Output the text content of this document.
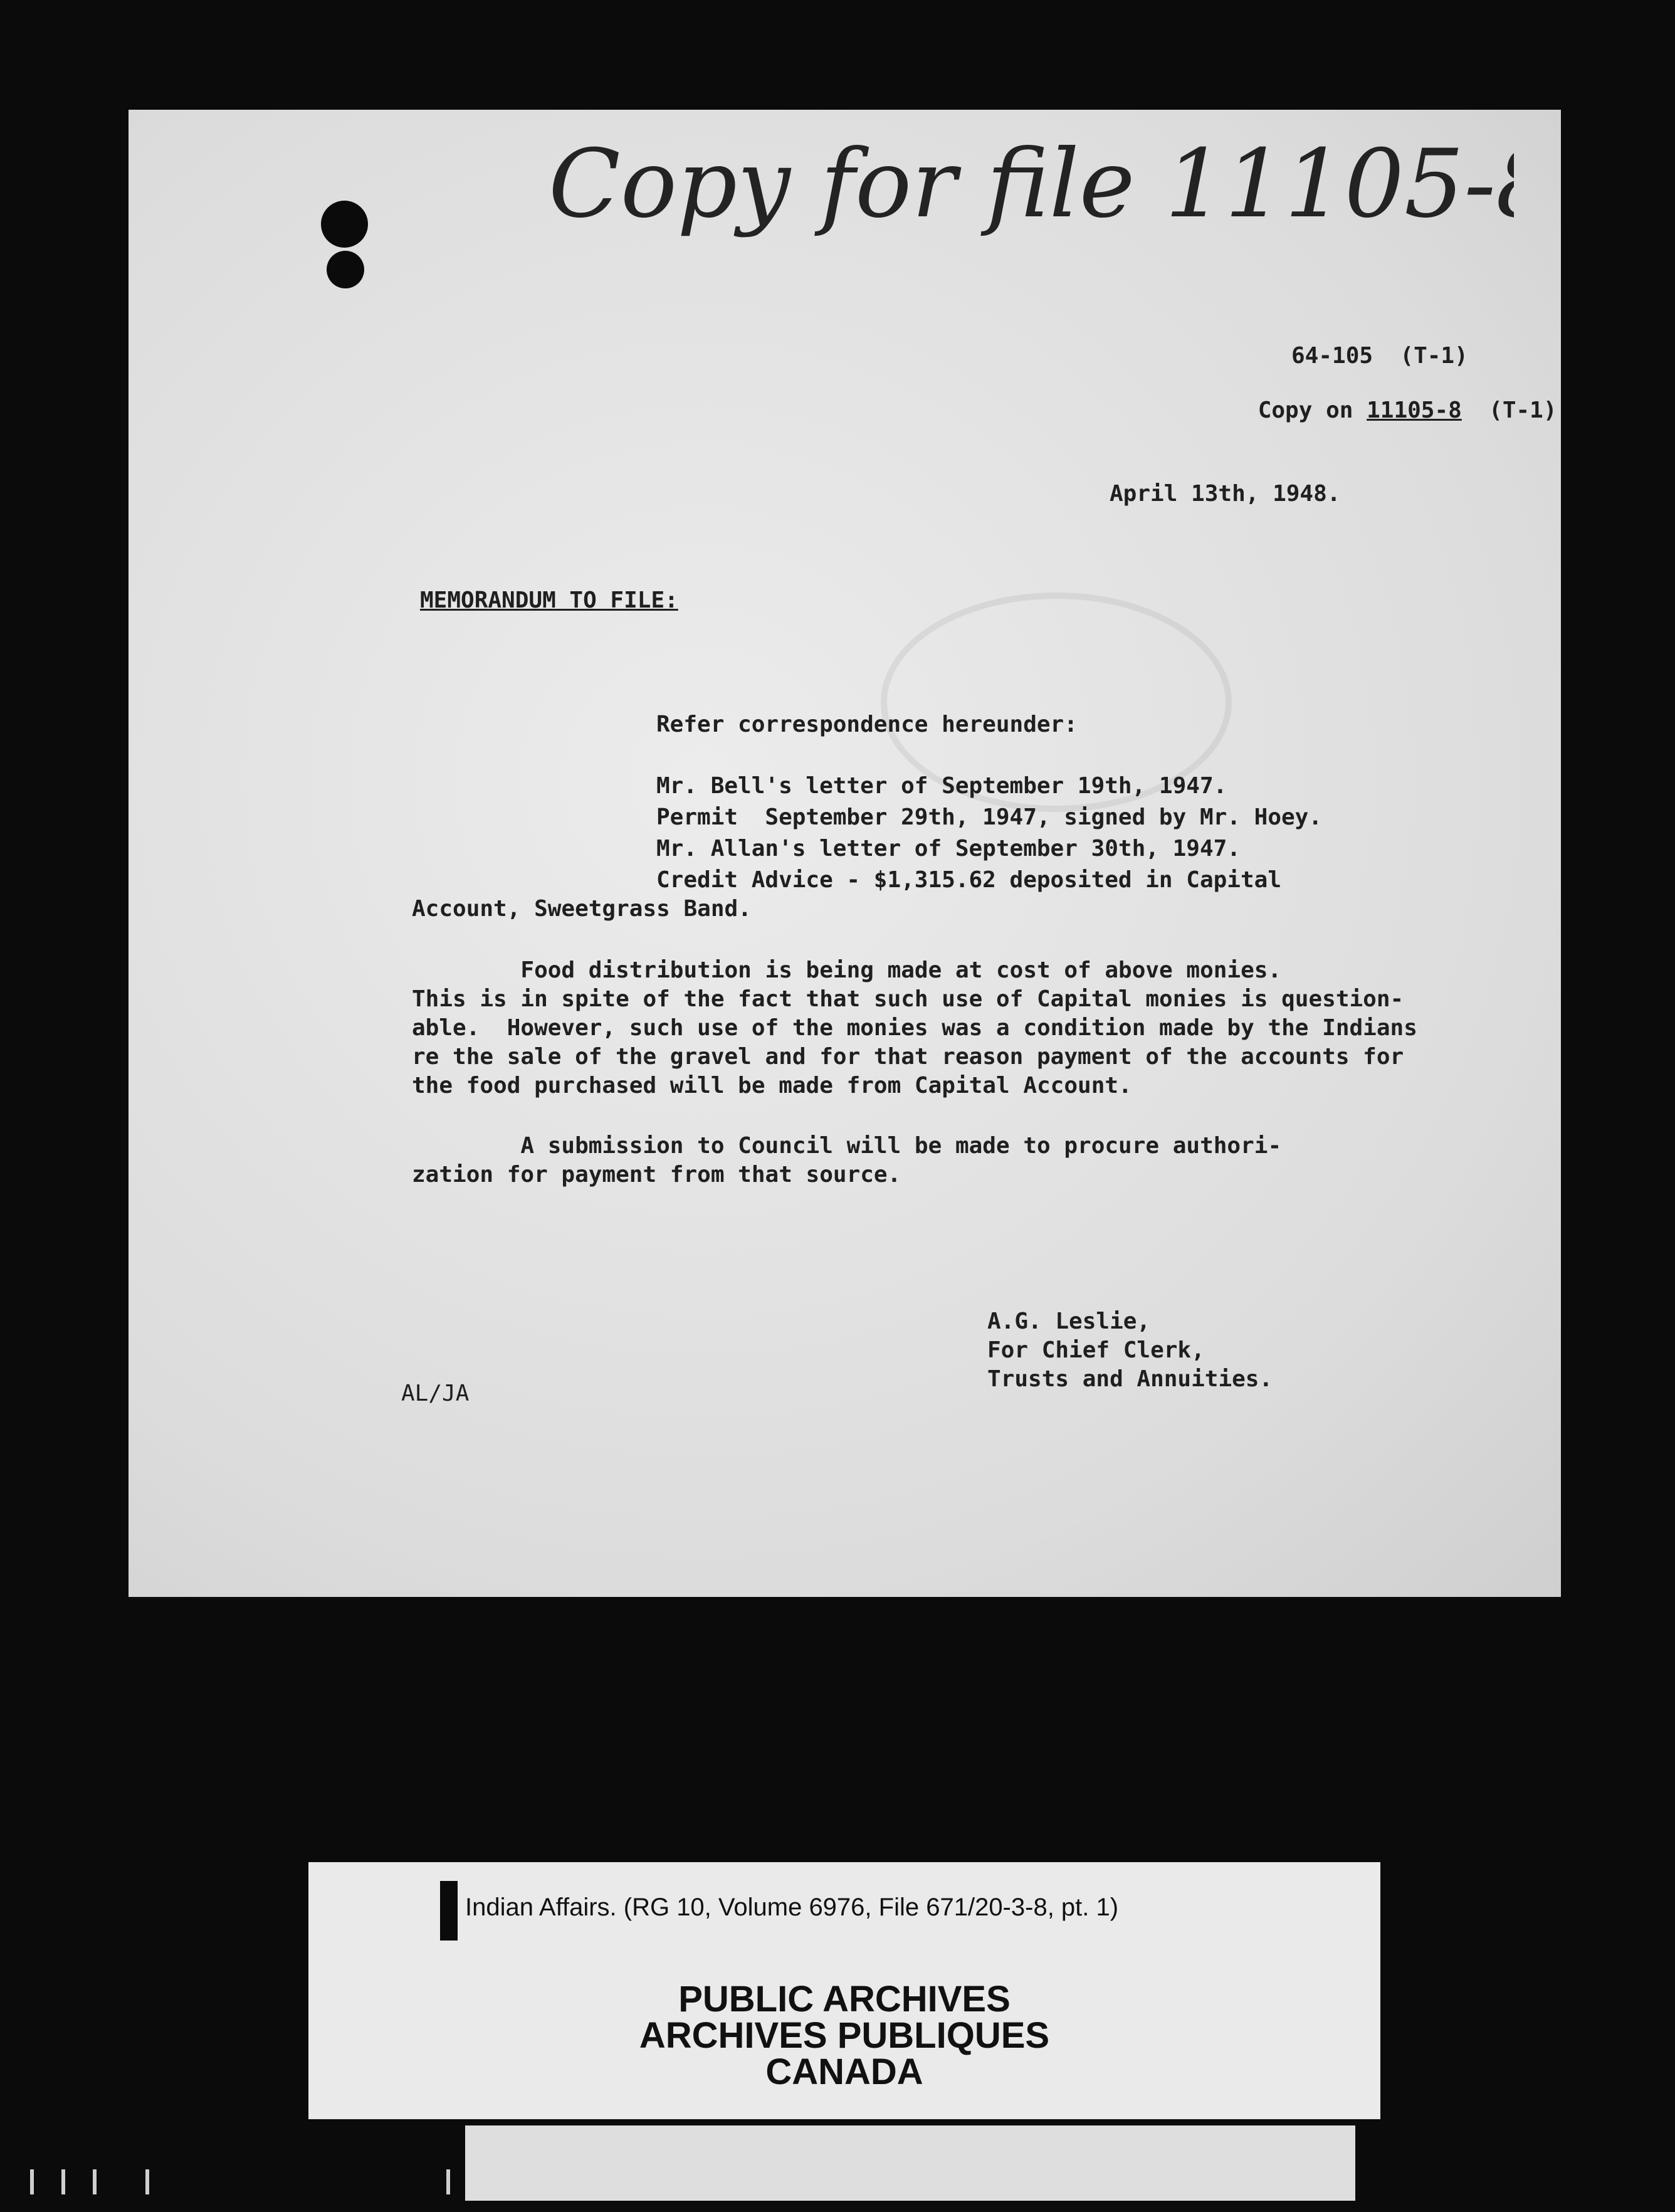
Copy for file 11105-8
64-105  (T-1)

Copy on 11105-8  (T-1)

April 13th, 1948.
MEMORANDUM TO FILE:
Refer correspondence hereunder:
Mr. Bell's letter of September 19th, 1947.
Permit  September 29th, 1947, signed by Mr. Hoey.
Mr. Allan's letter of September 30th, 1947.
Credit Advice - $1,315.62 deposited in Capital
Account, Sweetgrass Band.
Food distribution is being made at cost of above monies.
This is in spite of the fact that such use of Capital monies is question-
able.  However, such use of the monies was a condition made by the Indians
re the sale of the gravel and for that reason payment of the accounts for
the food purchased will be made from Capital Account.
A submission to Council will be made to procure authori-
zation for payment from that source.
A.G. Leslie,
For Chief Clerk,
Trusts and Annuities.
AL/JA
Indian Affairs. (RG 10, Volume 6976, File 671/20-3-8, pt. 1)
PUBLIC ARCHIVES
ARCHIVES PUBLIQUES
CANADA
